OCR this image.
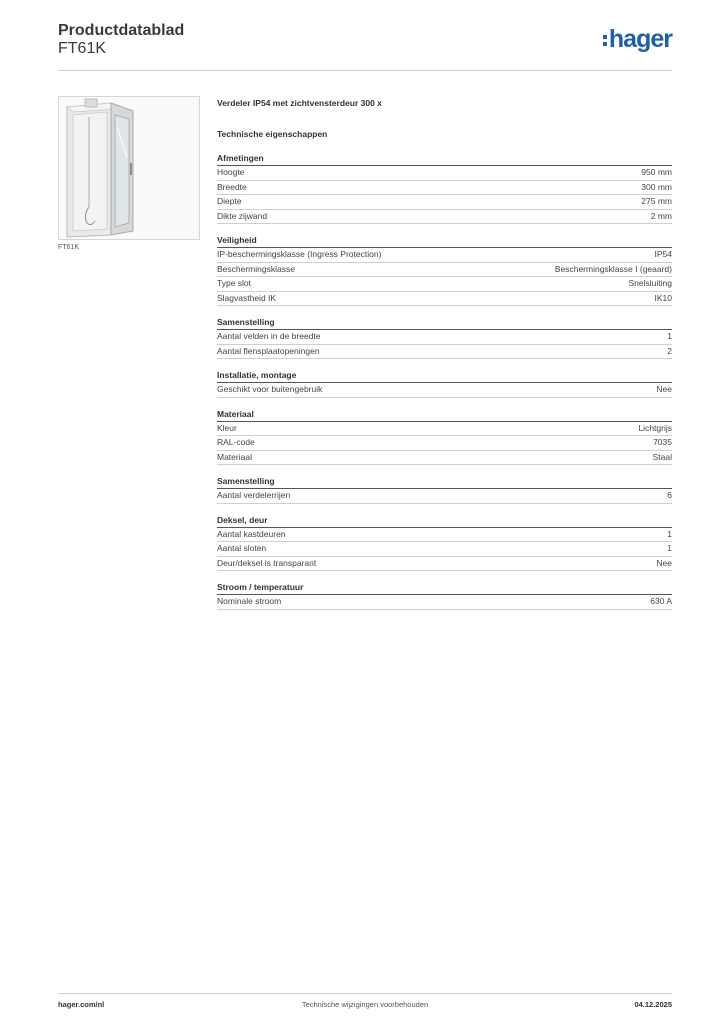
Productdatablad
FT61K	hager
FT61K
Verdeler IP54 met zichtvensterdeur 300 x
Technische eigenschappen
Afmetingen
Hoogte	950 mm
Breedte	300 mm
Diepte	275 mm
Dikte zijwand	2 mm
Veiligheid
IP-beschermingsklasse (Ingress Protection)	IP54
Beschermingsklasse	Beschermingsklasse I (geaard)
Type slot	Snelsluiting
Slagvastheid IK	IK10
Samenstelling
Aantal velden in de breedte	1
Aantal flensplaatopeningen	2
Installatie, montage
Geschikt voor buitengebruik	Nee
Materiaal
Kleur	Lichtgrijs
RAL-code	7035
Materiaal	Staal
Samenstelling
Aantal verdelerrijen	6
Deksel, deur
Aantal kastdeuren	1
Aantal sloten	1
Deur/deksel is transparant	Nee
Stroom / temperatuur
Nominale stroom	630 A
hager.com/nl	Technische wijzigingen voorbehouden	04.12.2025
